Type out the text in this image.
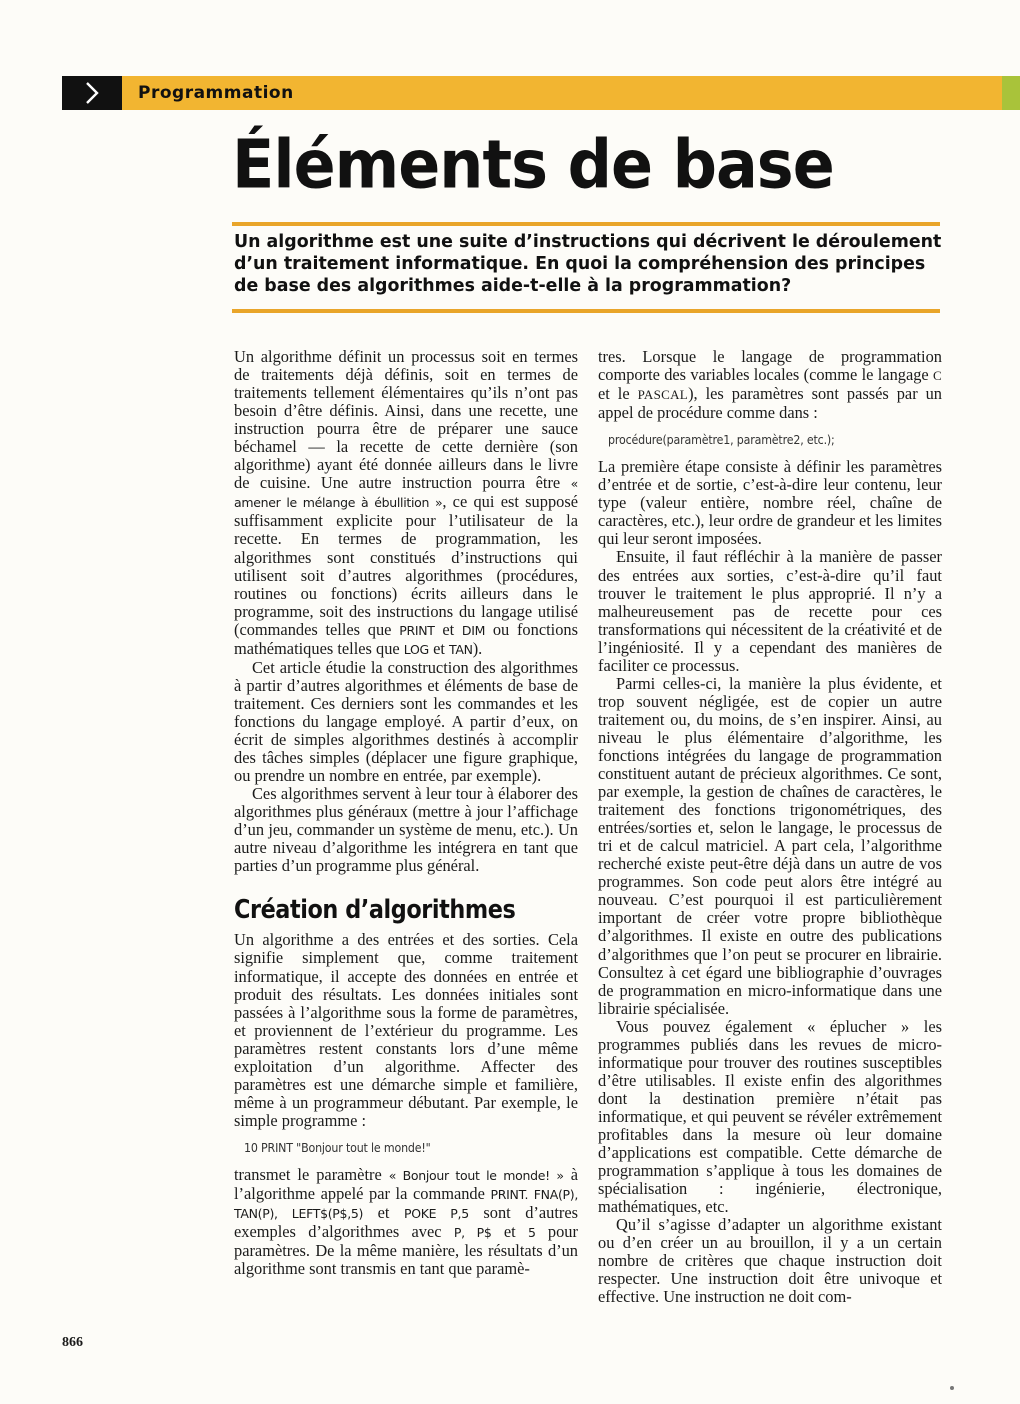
Programmation
Éléments de base

Un algorithme est une suite d’instructions qui décrivent le déroulement d’un traitement informatique. En quoi la compréhension des principes de base des algorithmes aide-t-elle à la programmation?

Un algorithme définit un processus soit en termes de traitements déjà définis, soit en termes de traitements tellement élémentaires qu’ils n’ont pas besoin d’être définis. Ainsi, dans une recette, une instruction pourra être de préparer une sauce béchamel — la recette de cette dernière (son algorithme) ayant été donnée ailleurs dans le livre de cuisine. Une autre instruction pourra être « amener le mélange à ébullition », ce qui est supposé suffisamment explicite pour l’utilisateur de la recette. En termes de programmation, les algorithmes sont constitués d’instructions qui utilisent soit d’autres algorithmes (procédures, routines ou fonctions) écrits ailleurs dans le programme, soit des instructions du langage utilisé (commandes telles que PRINT et DIM ou fonctions mathématiques telles que LOG et TAN).

Cet article étudie la construction des algorithmes à partir d’autres algorithmes et éléments de base de traitement. Ces derniers sont les commandes et les fonctions du langage employé. A partir d’eux, on écrit de simples algorithmes destinés à accomplir des tâches simples (déplacer une figure graphique, ou prendre un nombre en entrée, par exemple).

Ces algorithmes servent à leur tour à élaborer des algorithmes plus généraux (mettre à jour l’affichage d’un jeu, commander un système de menu, etc.). Un autre niveau d’algorithme les intégrera en tant que parties d’un programme plus général.

Création d’algorithmes

Un algorithme a des entrées et des sorties. Cela signifie simplement que, comme traitement informatique, il accepte des données en entrée et produit des résultats. Les données initiales sont passées à l’algorithme sous la forme de paramètres, et proviennent de l’extérieur du programme. Les paramètres restent constants lors d’une même exploitation d’un algorithme. Affecter des paramètres est une démarche simple et familière, même à un programmeur débutant. Par exemple, le simple programme :

10 PRINT "Bonjour tout le monde!"

transmet le paramètre « Bonjour tout le monde! » à l’algorithme appelé par la commande PRINT. FNA(P), TAN(P), LEFT$(P$,5) et POKE P,5 sont d’autres exemples d’algorithmes avec P, P$ et 5 pour paramètres. De la même manière, les résultats d’un algorithme sont transmis en tant que paramè-

tres. Lorsque le langage de programmation comporte des variables locales (comme le langage C et le PASCAL), les paramètres sont passés par un appel de procédure comme dans :

procédure(paramètre1, paramètre2, etc.);

La première étape consiste à définir les paramètres d’entrée et de sortie, c’est-à-dire leur contenu, leur type (valeur entière, nombre réel, chaîne de caractères, etc.), leur ordre de grandeur et les limites qui leur seront imposées.

Ensuite, il faut réfléchir à la manière de passer des entrées aux sorties, c’est-à-dire qu’il faut trouver le traitement le plus approprié. Il n’y a malheureusement pas de recette pour ces transformations qui nécessitent de la créativité et de l’ingéniosité. Il y a cependant des manières de faciliter ce processus.

Parmi celles-ci, la manière la plus évidente, et trop souvent négligée, est de copier un autre traitement ou, du moins, de s’en inspirer. Ainsi, au niveau le plus élémentaire d’algorithme, les fonctions intégrées du langage de programmation constituent autant de précieux algorithmes. Ce sont, par exemple, la gestion de chaînes de caractères, le traitement des fonctions trigonométriques, des entrées/sorties et, selon le langage, le processus de tri et de calcul matriciel. A part cela, l’algorithme recherché existe peut-être déjà dans un autre de vos programmes. Son code peut alors être intégré au nouveau. C’est pourquoi il est particulièrement important de créer votre propre bibliothèque d’algorithmes. Il existe en outre des publications d’algorithmes que l’on peut se procurer en librairie. Consultez à cet égard une bibliographie d’ouvrages de programmation en micro-informatique dans une librairie spécialisée.

Vous pouvez également « éplucher » les programmes publiés dans les revues de micro-informatique pour trouver des routines susceptibles d’être utilisables. Il existe enfin des algorithmes dont la destination première n’était pas informatique, et qui peuvent se révéler extrêmement profitables dans la mesure où leur domaine d’applications est compatible. Cette démarche de programmation s’applique à tous les domaines de spécialisation : ingénierie, électronique, mathématiques, etc.

Qu’il s’agisse d’adapter un algorithme existant ou d’en créer un au brouillon, il y a un certain nombre de critères que chaque instruction doit respecter. Une instruction doit être univoque et effective. Une instruction ne doit com-

866
